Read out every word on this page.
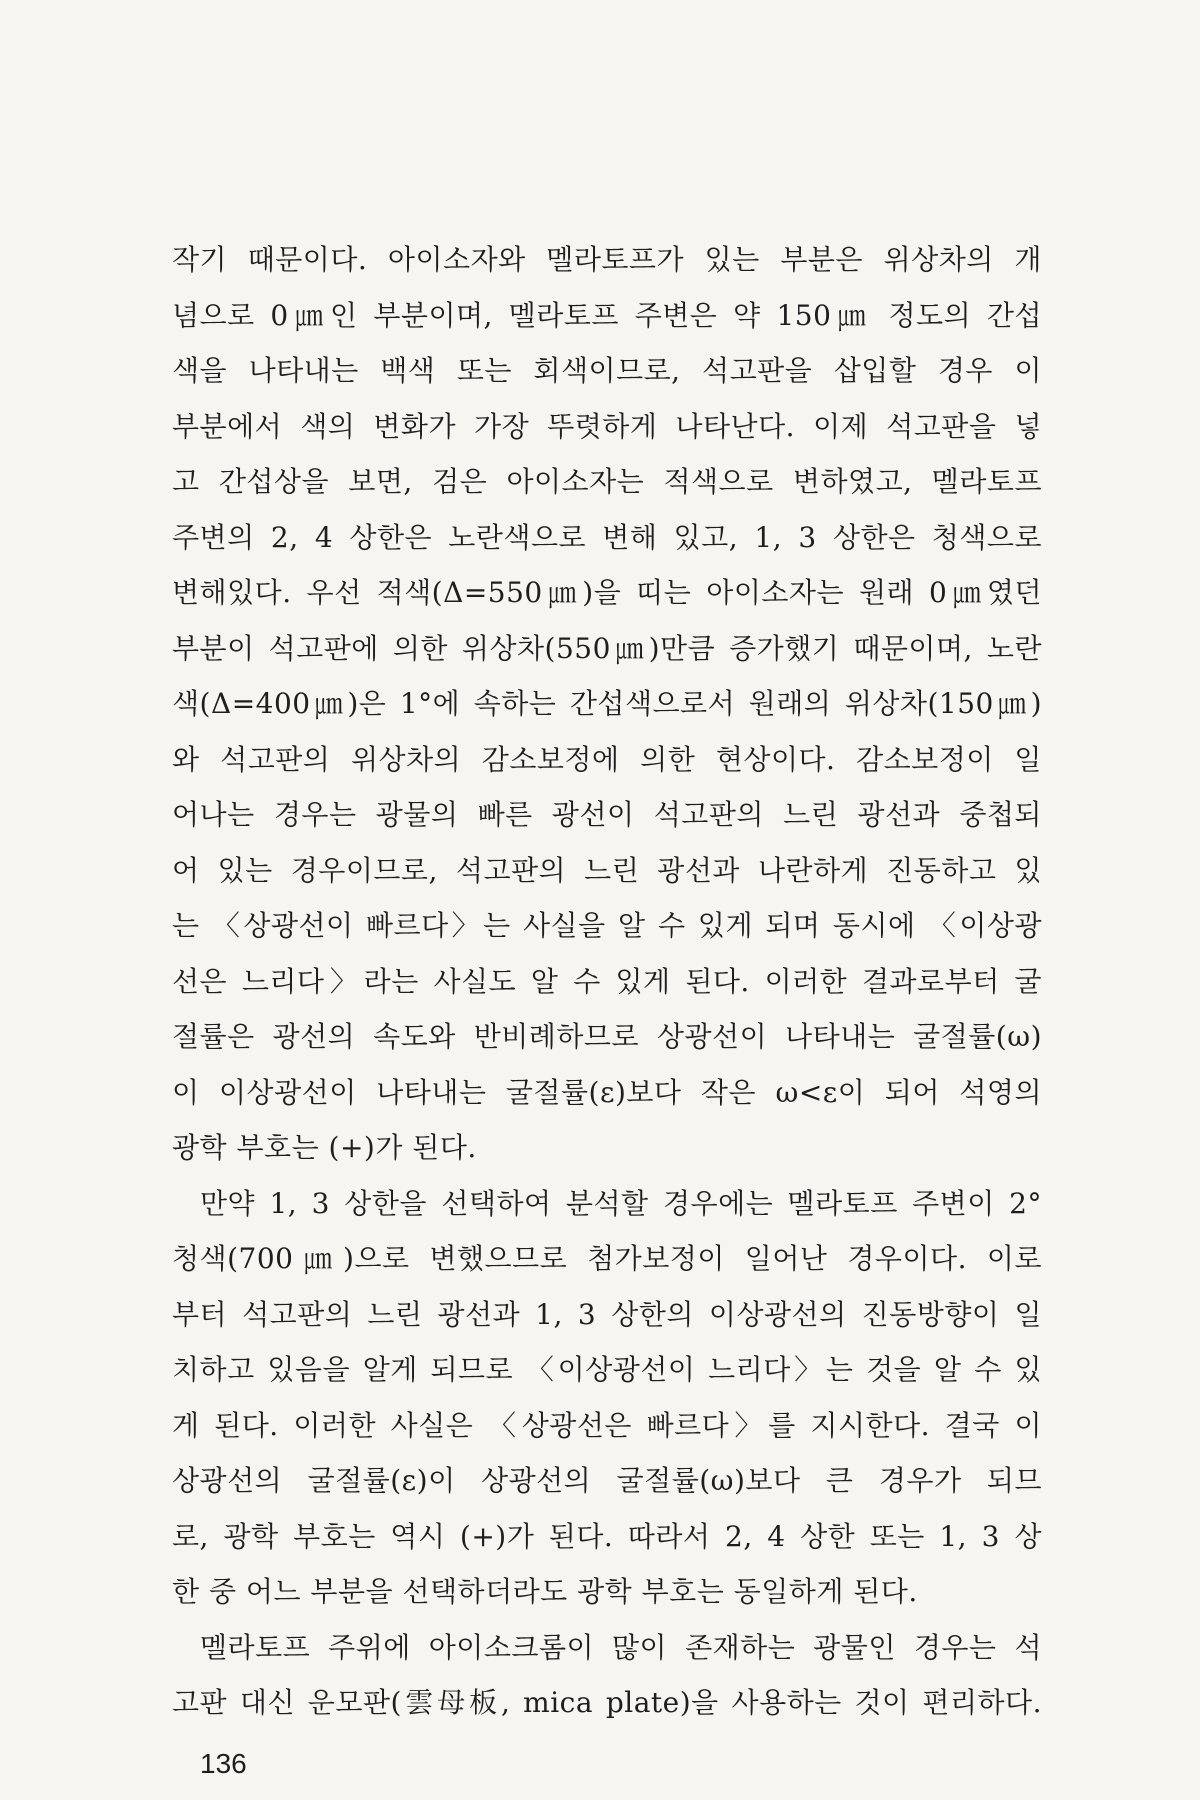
작기 때문이다. 아이소자와 멜라토프가 있는 부분은 위상차의 개
념으로 0㎛인 부분이며, 멜라토프 주변은 약 150㎛ 정도의 간섭
색을 나타내는 백색 또는 회색이므로, 석고판을 삽입할 경우 이
부분에서 색의 변화가 가장 뚜렷하게 나타난다. 이제 석고판을 넣
고 간섭상을 보면, 검은 아이소자는 적색으로 변하였고, 멜라토프
주변의 2, 4 상한은 노란색으로 변해 있고, 1, 3 상한은 청색으로
변해있다. 우선 적색(Δ=550㎛)을 띠는 아이소자는 원래 0㎛였던
부분이 석고판에 의한 위상차(550㎛)만큼 증가했기 때문이며, 노란
색(Δ=400㎛)은 1°에 속하는 간섭색으로서 원래의 위상차(150㎛)
와 석고판의 위상차의 감소보정에 의한 현상이다. 감소보정이 일
어나는 경우는 광물의 빠른 광선이 석고판의 느린 광선과 중첩되
어 있는 경우이므로, 석고판의 느린 광선과 나란하게 진동하고 있
는 〈상광선이 빠르다〉는 사실을 알 수 있게 되며 동시에 〈이상광
선은 느리다〉라는 사실도 알 수 있게 된다. 이러한 결과로부터 굴
절률은 광선의 속도와 반비례하므로 상광선이 나타내는 굴절률(ω)
이 이상광선이 나타내는 굴절률(ε)보다 작은 ω<ε이 되어 석영의
광학 부호는 (+)가 된다.
만약 1, 3 상한을 선택하여 분석할 경우에는 멜라토프 주변이 2°
청색(700㎛)으로 변했으므로 첨가보정이 일어난 경우이다. 이로
부터 석고판의 느린 광선과 1, 3 상한의 이상광선의 진동방향이 일
치하고 있음을 알게 되므로 〈이상광선이 느리다〉는 것을 알 수 있
게 된다. 이러한 사실은 〈상광선은 빠르다〉를 지시한다. 결국 이
상광선의 굴절률(ε)이 상광선의 굴절률(ω)보다 큰 경우가 되므
로, 광학 부호는 역시 (+)가 된다. 따라서 2, 4 상한 또는 1, 3 상
한 중 어느 부분을 선택하더라도 광학 부호는 동일하게 된다.
멜라토프 주위에 아이소크롬이 많이 존재하는 광물인 경우는 석
고판 대신 운모판(雲母板, mica plate)을 사용하는 것이 편리하다.
136
